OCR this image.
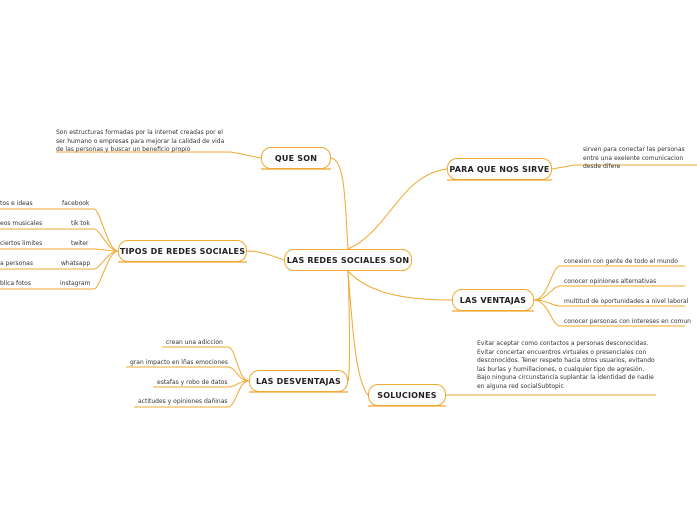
LAS REDES SOCIALES SON
QUE SON
PARA QUE NOS SIRVE
TIPOS DE REDES SOCIALES
LAS VENTAJAS
LAS DESVENTAJAS
SOLUCIONES
Son estructuras formadas por la internet creadas por el ser humano o empresas para mejorar la calidad de vida de las personas y buscar un beneficio propio	sirven para conectar las personas entre una exelente comunicacion desde difere
Evitar aceptar como contactos a personas desconocidas. Evitar concertar encuentros virtuales o presenciales con desconocidos. Tener respeto hacia otros usuarios, evitando las burlas y humillaciones, o cualquier tipo de agresión. Bajo ninguna circunstancia suplantar la identidad de nadie en alguna red socialSubtopic
tos e ideas
eos musicales
ciertos limites
a personas
blica fotos
facebook
tik tok
twiter
whatsapp
instagram
conexion con gente de todo el mundo
conocer opiniones alternativas
multitud de oportunidades a nivel laboral
conocer personas con intereses en comun
crean una adiccion
gran impacto en lñas emociones
estafas y robo de datos
actitudes y opiniones dañinas
